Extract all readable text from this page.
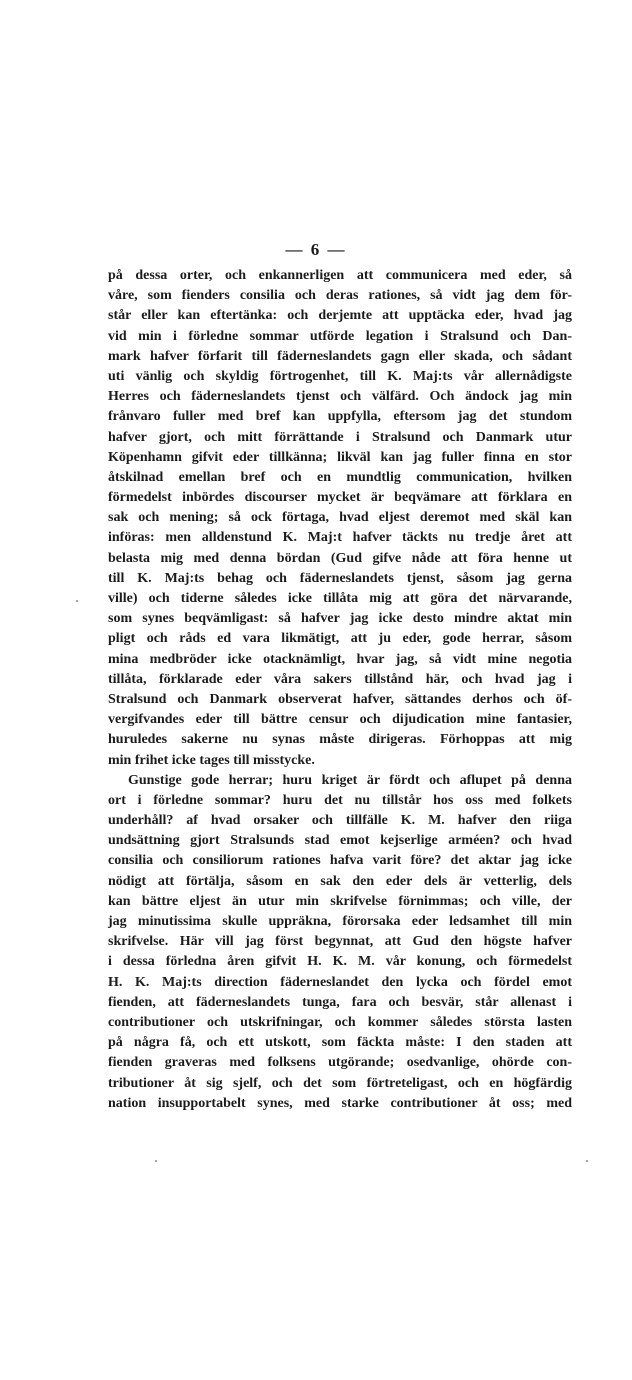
— 6 —
på dessa orter, och enkannerligen att communicera med eder, så
våre, som fienders consilia och deras rationes, så vidt jag dem för-
står eller kan eftertänka: och derjemte att upptäcka eder, hvad jag
vid min i förledne sommar utförde legation i Stralsund och Dan-
mark hafver förfarit till fäderneslandets gagn eller skada, och sådant
uti vänlig och skyldig förtrogenhet, till K. Maj:ts vår allernådigste
Herres och fäderneslandets tjenst och välfärd. Och ändock jag min
frånvaro fuller med bref kan uppfylla, eftersom jag det stundom
hafver gjort, och mitt förrättande i Stralsund och Danmark utur
Köpenhamn gifvit eder tillkänna; likväl kan jag fuller finna en stor
åtskilnad emellan bref och en mundtlig communication, hvilken
förmedelst inbördes discourser mycket är beqvämare att förklara en
sak och mening; så ock förtaga, hvad eljest deremot med skäl kan
införas: men alldenstund K. Maj:t hafver täckts nu tredje året att
belasta mig med denna bördan (Gud gifve nåde att föra henne ut
till K. Maj:ts behag och fäderneslandets tjenst, såsom jag gerna
ville) och tiderne således icke tillåta mig att göra det närvarande,
som synes beqvämligast: så hafver jag icke desto mindre aktat min
pligt och råds ed vara likmätigt, att ju eder, gode herrar, såsom
mina medbröder icke otacknämligt, hvar jag, så vidt mine negotia
tillåta, förklarade eder våra sakers tillstånd här, och hvad jag i
Stralsund och Danmark observerat hafver, sättandes derhos och öf-
vergifvandes eder till bättre censur och dijudication mine fantasier,
huruledes sakerne nu synas måste dirigeras. Förhoppas att mig
min frihet icke tages till misstycke.
Gunstige gode herrar; huru kriget är fördt och aflupet på denna
ort i förledne sommar? huru det nu tillstår hos oss med folkets
underhåll? af hvad orsaker och tillfälle K. M. hafver den riiga
undsättning gjort Stralsunds stad emot kejserlige arméen? och hvad
consilia och consiliorum rationes hafva varit före? det aktar jag icke
nödigt att förtälja, såsom en sak den eder dels är vetterlig, dels
kan bättre eljest än utur min skrifvelse förnimmas; och ville, der
jag minutissima skulle uppräkna, förorsaka eder ledsamhet till min
skrifvelse. Här vill jag först begynnat, att Gud den högste hafver
i dessa förledna åren gifvit H. K. M. vår konung, och förmedelst
H. K. Maj:ts direction fäderneslandet den lycka och fördel emot
fienden, att fäderneslandets tunga, fara och besvär, står allenast i
contributioner och utskrifningar, och kommer således största lasten
på några få, och ett utskott, som fäckta måste: I den staden att
fienden graveras med folksens utgörande; osedvanlige, ohörde con-
tributioner åt sig sjelf, och det som förtreteligast, och en högfärdig
nation insupportabelt synes, med starke contributioner åt oss; med
